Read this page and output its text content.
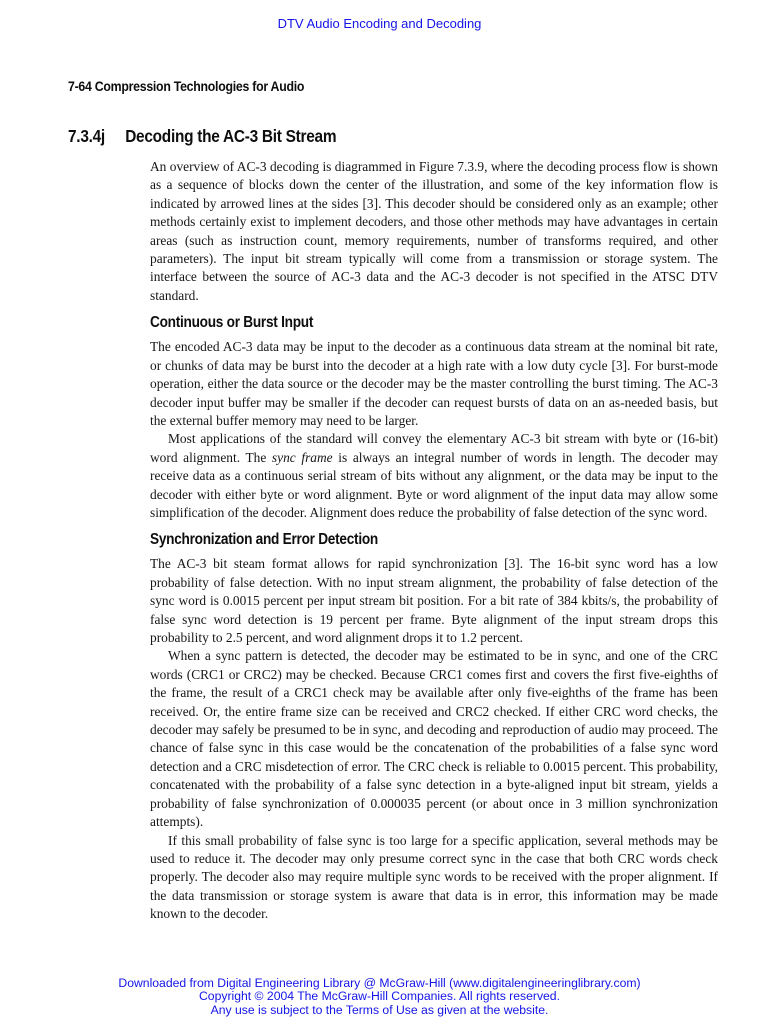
DTV Audio Encoding and Decoding
7-64 Compression Technologies for Audio
7.3.4j Decoding the AC-3 Bit Stream

An overview of AC-3 decoding is diagrammed in Figure 7.3.9, where the decoding process flow is shown as a sequence of blocks down the center of the illustration, and some of the key information flow is indicated by arrowed lines at the sides [3]. This decoder should be considered only as an example; other methods certainly exist to implement decoders, and those other methods may have advantages in certain areas (such as instruction count, memory requirements, number of transforms required, and other parameters). The input bit stream typically will come from a transmission or storage system. The interface between the source of AC-3 data and the AC-3 decoder is not specified in the ATSC DTV standard.

Continuous or Burst Input

The encoded AC-3 data may be input to the decoder as a continuous data stream at the nominal bit rate, or chunks of data may be burst into the decoder at a high rate with a low duty cycle [3]. For burst-mode operation, either the data source or the decoder may be the master controlling the burst timing. The AC-3 decoder input buffer may be smaller if the decoder can request bursts of data on an as-needed basis, but the external buffer memory may need to be larger.

Most applications of the standard will convey the elementary AC-3 bit stream with byte or (16-bit) word alignment. The sync frame is always an integral number of words in length. The decoder may receive data as a continuous serial stream of bits without any alignment, or the data may be input to the decoder with either byte or word alignment. Byte or word alignment of the input data may allow some simplification of the decoder. Alignment does reduce the probability of false detection of the sync word.

Synchronization and Error Detection

The AC-3 bit steam format allows for rapid synchronization [3]. The 16-bit sync word has a low probability of false detection. With no input stream alignment, the probability of false detection of the sync word is 0.0015 percent per input stream bit position. For a bit rate of 384 kbits/s, the probability of false sync word detection is 19 percent per frame. Byte alignment of the input stream drops this probability to 2.5 percent, and word alignment drops it to 1.2 percent.

When a sync pattern is detected, the decoder may be estimated to be in sync, and one of the CRC words (CRC1 or CRC2) may be checked. Because CRC1 comes first and covers the first five-eighths of the frame, the result of a CRC1 check may be available after only five-eighths of the frame has been received. Or, the entire frame size can be received and CRC2 checked. If either CRC word checks, the decoder may safely be presumed to be in sync, and decoding and reproduction of audio may proceed. The chance of false sync in this case would be the concatenation of the probabilities of a false sync word detection and a CRC misdetection of error. The CRC check is reliable to 0.0015 percent. This probability, concatenated with the probability of a false sync detection in a byte-aligned input bit stream, yields a probability of false synchronization of 0.000035 percent (or about once in 3 million synchronization attempts).

If this small probability of false sync is too large for a specific application, several methods may be used to reduce it. The decoder may only presume correct sync in the case that both CRC words check properly. The decoder also may require multiple sync words to be received with the proper alignment. If the data transmission or storage system is aware that data is in error, this information may be made known to the decoder.

Downloaded from Digital Engineering Library @ McGraw-Hill (www.digitalengineeringlibrary.com)
Copyright © 2004 The McGraw-Hill Companies. All rights reserved.
Any use is subject to the Terms of Use as given at the website.
